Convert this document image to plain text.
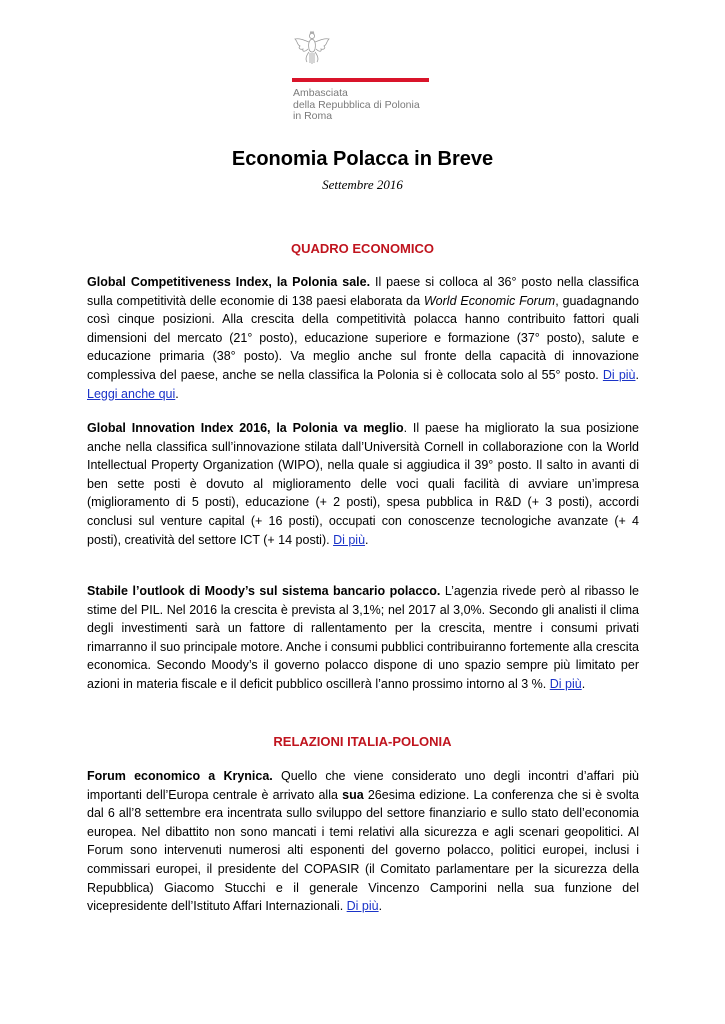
Ambasciata
della Repubblica di Polonia
in Roma
Economia Polacca in Breve
Settembre 2016
QUADRO ECONOMICO
Global Competitiveness Index, la Polonia sale. Il paese si colloca al 36° posto nella classifica sulla competitività delle economie di 138 paesi elaborata da World Economic Forum, guadagnando così cinque posizioni. Alla crescita della competitività polacca hanno contribuito fattori quali dimensioni del mercato (21° posto), educazione superiore e formazione (37° posto), salute e educazione primaria (38° posto). Va meglio anche sul fronte della capacità di innovazione complessiva del paese, anche se nella classifica la Polonia si è collocata solo al 55° posto. Di più. Leggi anche qui.
Global Innovation Index 2016, la Polonia va meglio. Il paese ha migliorato la sua posizione anche nella classifica sull’innovazione stilata dall’Università Cornell in collaborazione con la World Intellectual Property Organization (WIPO), nella quale si aggiudica il 39° posto. Il salto in avanti di ben sette posti è dovuto al miglioramento delle voci quali facilità di avviare un’impresa (miglioramento di 5 posti), educazione (+ 2 posti), spesa pubblica in R&D (+ 3 posti), accordi conclusi sul venture capital (+ 16 posti), occupati con conoscenze tecnologiche avanzate (+ 4 posti), creatività del settore ICT (+ 14 posti). Di più.
Stabile l’outlook di Moody’s sul sistema bancario polacco. L’agenzia rivede però al ribasso le stime del PIL. Nel 2016 la crescita è prevista al 3,1%; nel 2017 al 3,0%. Secondo gli analisti il clima degli investimenti sarà un fattore di rallentamento per la crescita, mentre i consumi privati rimarranno il suo principale motore. Anche i consumi pubblici contribuiranno fortemente alla crescita economica. Secondo Moody’s il governo polacco dispone di uno spazio sempre più limitato per azioni in materia fiscale e il deficit pubblico oscillerà l’anno prossimo intorno al 3 %. Di più.
RELAZIONI ITALIA-POLONIA
Forum economico a Krynica. Quello che viene considerato uno degli incontri d’affari più importanti dell’Europa centrale è arrivato alla sua 26esima edizione. La conferenza che si è svolta dal 6 all’8 settembre era incentrata sullo sviluppo del settore finanziario e sullo stato dell’economia europea. Nel dibattito non sono mancati i temi relativi alla sicurezza e agli scenari geopolitici. Al Forum sono intervenuti numerosi alti esponenti del governo polacco, politici europei, inclusi i commissari europei, il presidente del COPASIR (il Comitato parlamentare per la sicurezza della Repubblica) Giacomo Stucchi e il generale Vincenzo Camporini nella sua funzione del vicepresidente dell’Istituto Affari Internazionali. Di più.
